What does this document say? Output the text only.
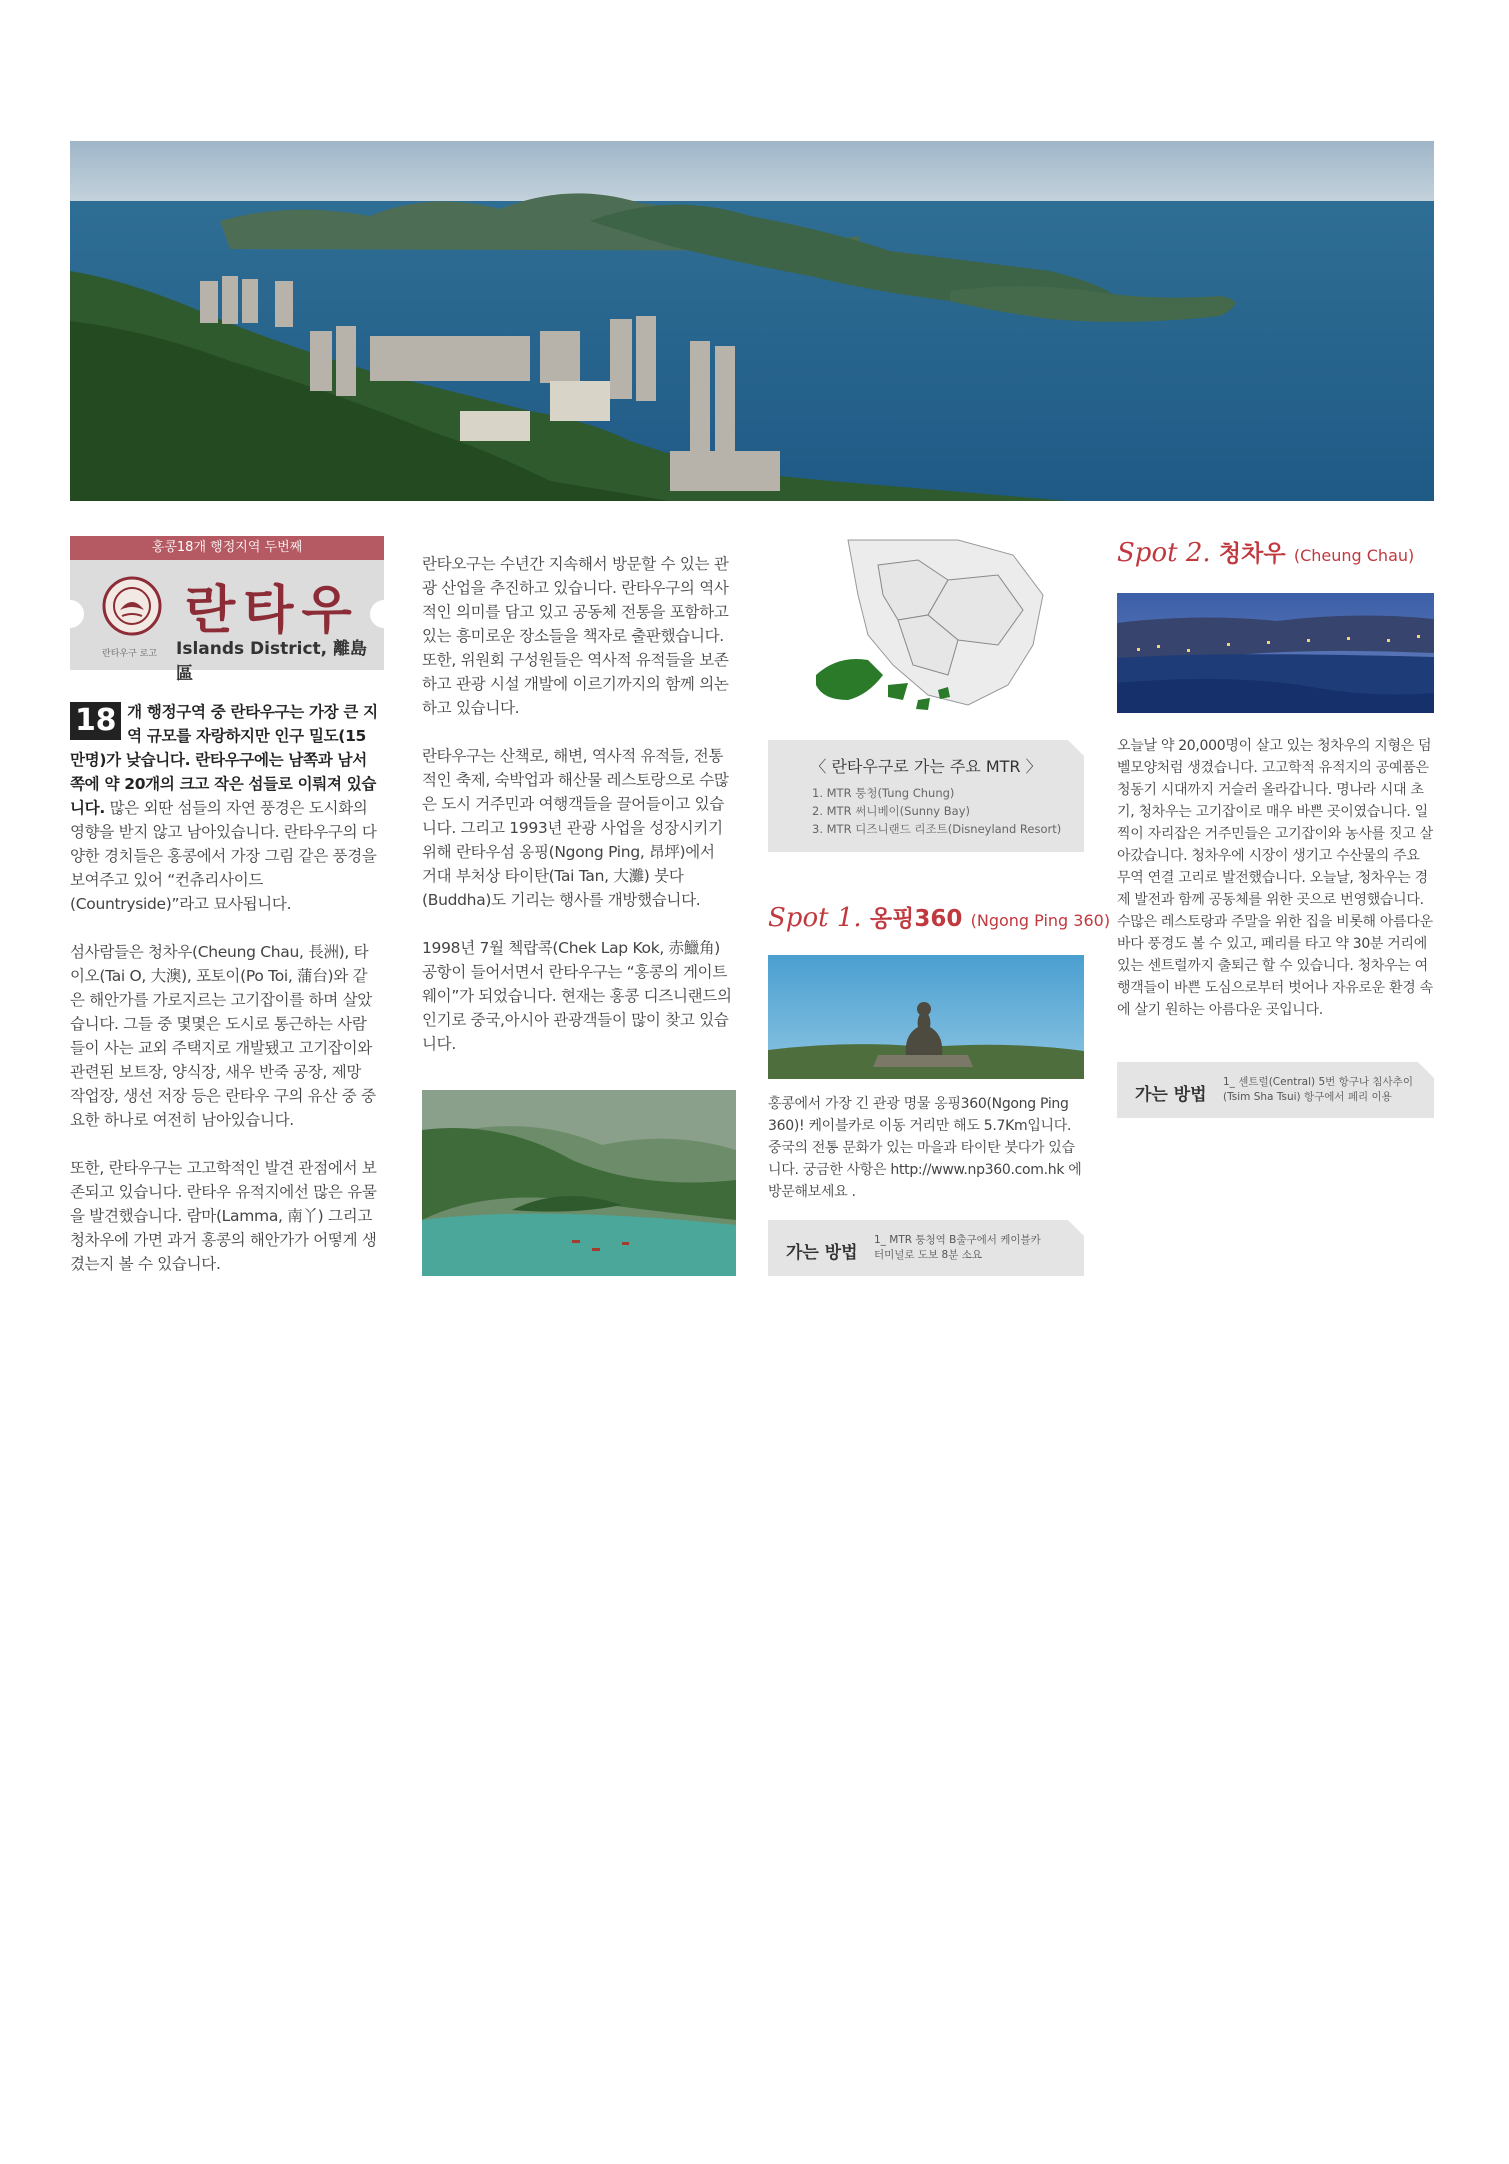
홍콩18개 행정지역 두번째
란타우구 로고
란타우
Islands District, 離島區

18 개 행정구역 중 란타우구는 가장 큰 지역 규모를 자랑하지만 인구 밀도(15만명)가 낮습니다. 란타우구에는 남쪽과 남서쪽에 약 20개의 크고 작은 섬들로 이뤄져 있습니다. 많은 외딴 섬들의 자연 풍경은 도시화의 영향을 받지 않고 남아있습니다. 란타우구의 다양한 경치들은 홍콩에서 가장 그림 같은 풍경을 보여주고 있어 “컨츄리사이드(Countryside)”라고 묘사됩니다.

섬사람들은 청차우(Cheung Chau, 長洲), 타이오(Tai O, 大澳), 포토이(Po Toi, 蒲台)와 같은 해안가를 가로지르는 고기잡이를 하며 살았습니다. 그들 중 몇몇은 도시로 통근하는 사람들이 사는 교외 주택지로 개발됐고 고기잡이와 관련된 보트장, 양식장, 새우 반죽 공장, 제망 작업장, 생선 저장 등은 란타우 구의 유산 중 중요한 하나로 여전히 남아있습니다.

또한, 란타우구는 고고학적인 발견 관점에서 보존되고 있습니다. 란타우 유적지에선 많은 유물을 발견했습니다. 람마(Lamma, 南丫) 그리고 청차우에 가면 과거 홍콩의 해안가가 어떻게 생겼는지 볼 수 있습니다.

란타오구는 수년간 지속해서 방문할 수 있는 관광 산업을 추진하고 있습니다. 란타우구의 역사적인 의미를 담고 있고 공동체 전통을 포함하고 있는 흥미로운 장소들을 책자로 출판했습니다. 또한, 위원회 구성원들은 역사적 유적들을 보존하고 관광 시설 개발에 이르기까지의 함께 의논하고 있습니다.

란타우구는 산책로, 해변, 역사적 유적들, 전통적인 축제, 숙박업과 해산물 레스토랑으로 수많은 도시 거주민과 여행객들을 끌어들이고 있습니다. 그리고 1993년 관광 사업을 성장시키기위해 란타우섬 옹핑(Ngong Ping, 昂坪)에서 거대 부처상 타이탄(Tai Tan, 大灘) 붓다(Buddha)도 기리는 행사를 개방했습니다.

1998년 7월 첵랍콕(Chek Lap Kok, 赤鱲角) 공항이 들어서면서 란타우구는 “홍콩의 게이트웨이”가 되었습니다. 현재는 홍콩 디즈니랜드의 인기로 중국,아시아 관광객들이 많이 찾고 있습니다.

〈 란타우구로 가는 주요 MTR 〉
1. MTR 퉁청(Tung Chung)
2. MTR 써니베이(Sunny Bay)
3. MTR 디즈니랜드 리조트(Disneyland Resort)
Spot 1. 옹핑360 (Ngong Ping 360)

홍콩에서 가장 긴 관광 명물 옹핑360(Ngong Ping 360)! 케이블카로 이동 거리만 해도 5.7Km입니다. 중국의 전통 문화가 있는 마을과 타이탄 붓다가 있습니다. 궁금한 사항은 http://www.np360.com.hk 에 방문해보세요 .

가는 방법
1_ MTR 퉁청역 B출구에서 케이블카
터미널로 도보 8분 소요
Spot 2. 청차우 (Cheung Chau)

오늘날 약 20,000명이 살고 있는 청차우의 지형은 덤벨모양처럼 생겼습니다. 고고학적 유적지의 공예품은 청동기 시대까지 거슬러 올라갑니다. 명나라 시대 초기, 청차우는 고기잡이로 매우 바쁜 곳이였습니다. 일찍이 자리잡은 거주민들은 고기잡이와 농사를 짓고 살아갔습니다. 청차우에 시장이 생기고 수산물의 주요 무역 연결 고리로 발전했습니다. 오늘날, 청차우는 경제 발전과 함께 공동체를 위한 곳으로 번영했습니다. 수많은 레스토랑과 주말을 위한 집을 비롯해 아름다운 바다 풍경도 볼 수 있고, 페리를 타고 약 30분 거리에 있는 센트럴까지 출퇴근 할 수 있습니다. 청차우는 여행객들이 바쁜 도심으로부터 벗어나 자유로운 환경 속에 살기 원하는 아름다운 곳입니다.

가는 방법
1_ 센트럴(Central) 5번 항구나 침사추이
(Tsim Sha Tsui) 항구에서 페리 이용
